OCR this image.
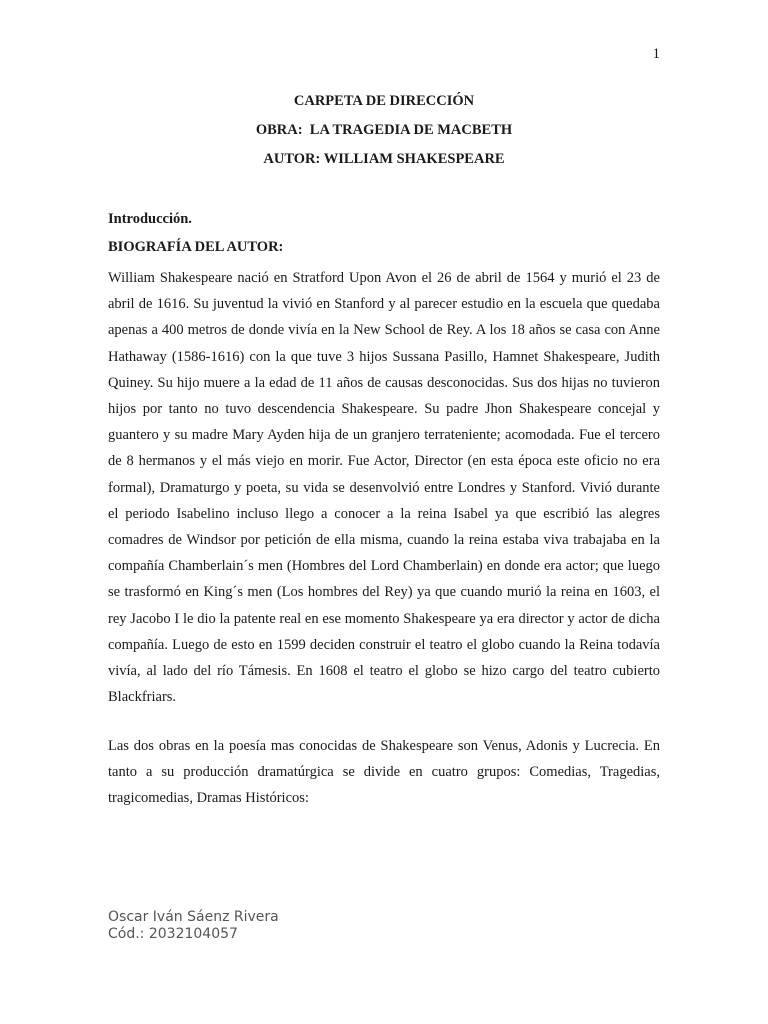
1
CARPETA DE DIRECCIÓN
OBRA:  LA TRAGEDIA DE MACBETH
AUTOR: WILLIAM SHAKESPEARE
Introducción.
BIOGRAFÍA DEL AUTOR:

William Shakespeare nació en Stratford Upon Avon el 26 de abril de 1564 y murió el 23 de abril de 1616. Su juventud la vivió en Stanford y al parecer estudio en la escuela que quedaba apenas a 400 metros de donde vivía en la New School de Rey. A los 18 años se casa con Anne Hathaway (1586-1616) con la que tuve 3 hijos Sussana Pasillo, Hamnet Shakespeare, Judith Quiney. Su hijo muere a la edad de 11 años de causas desconocidas. Sus dos hijas no tuvieron hijos por tanto no tuvo descendencia Shakespeare. Su padre Jhon Shakespeare concejal y guantero y su madre Mary Ayden hija de un granjero terrateniente; acomodada. Fue el tercero de 8 hermanos y el más viejo en morir. Fue Actor, Director (en esta época este oficio no era formal), Dramaturgo y poeta, su vida se desenvolvió entre Londres y Stanford. Vivió durante el periodo Isabelino incluso llego a conocer a la reina Isabel ya que escribió las alegres comadres de Windsor por petición de ella misma, cuando la reina estaba viva trabajaba en la compañía Chamberlain´s men (Hombres del Lord Chamberlain) en donde era actor; que luego se trasformó en King´s men (Los hombres del Rey) ya que cuando murió la reina en 1603, el rey Jacobo I le dio la patente real en ese momento Shakespeare ya era director y actor de dicha compañía. Luego de esto en 1599 deciden construir el teatro el globo cuando la Reina todavía vivía, al lado del río Támesis. En 1608 el teatro el globo se hizo cargo del teatro cubierto Blackfriars.

Las dos obras en la poesía mas conocidas de Shakespeare son Venus, Adonis y Lucrecia. En tanto a su producción dramatúrgica se divide en cuatro grupos: Comedias, Tragedias, tragicomedias, Dramas Históricos:

Oscar Iván Sáenz Rivera
Cód.: 2032104057
